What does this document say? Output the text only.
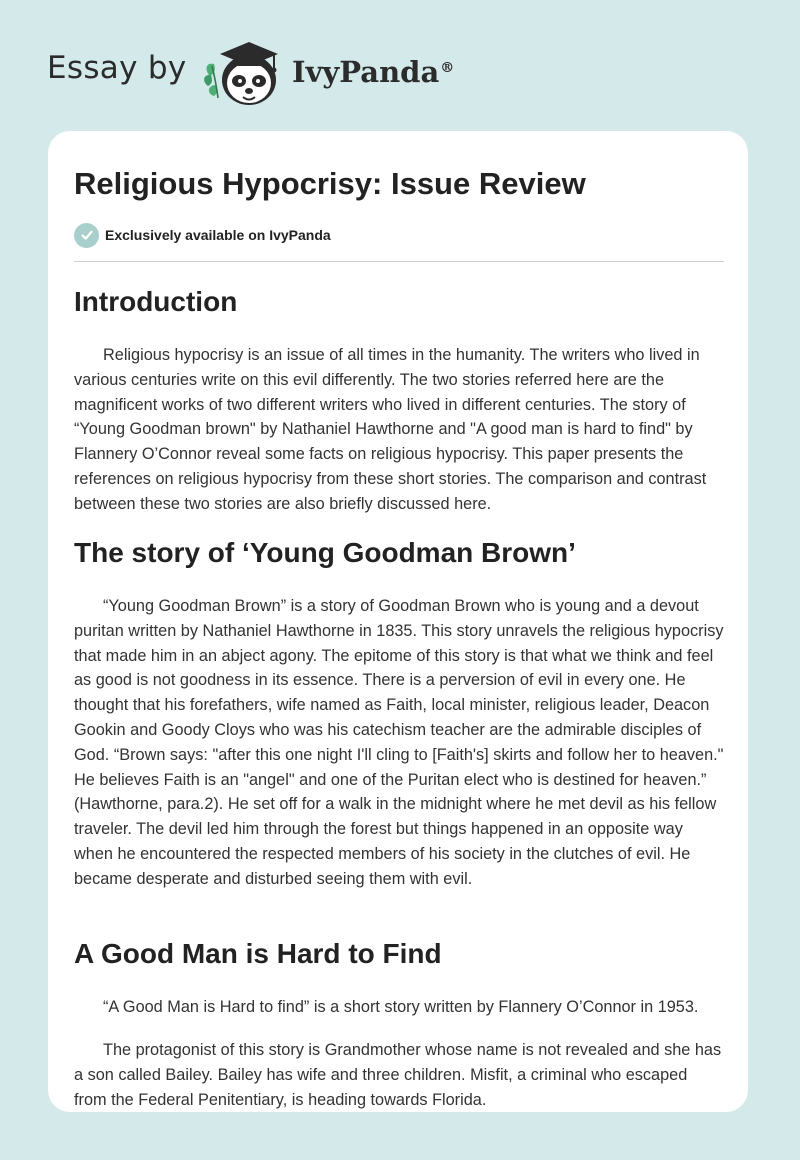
Essay by	IvyPanda®
Religious Hypocrisy: Issue Review
Exclusively available on IvyPanda
Introduction

Religious hypocrisy is an issue of all times in the humanity. The writers who lived in various centuries write on this evil differently. The two stories referred here are the magnificent works of two different writers who lived in different centuries. The story of “Young Goodman brown" by Nathaniel Hawthorne and "A good man is hard to find" by Flannery O’Connor reveal some facts on religious hypocrisy. This paper presents the references on religious hypocrisy from these short stories. The comparison and contrast between these two stories are also briefly discussed here.

The story of ‘Young Goodman Brown’

“Young Goodman Brown” is a story of Goodman Brown who is young and a devout puritan written by Nathaniel Hawthorne in 1835. This story unravels the religious hypocrisy that made him in an abject agony. The epitome of this story is that what we think and feel as good is not goodness in its essence. There is a perversion of evil in every one. He thought that his forefathers, wife named as Faith, local minister, religious leader, Deacon Gookin and Goody Cloys who was his catechism teacher are the admirable disciples of God. “Brown says: "after this one night I'll cling to [Faith's] skirts and follow her to heaven." He believes Faith is an "angel" and one of the Puritan elect who is destined for heaven.” (Hawthorne, para.2). He set off for a walk in the midnight where he met devil as his fellow traveler. The devil led him through the forest but things happened in an opposite way when he encountered the respected members of his society in the clutches of evil. He became desperate and disturbed seeing them with evil.

A Good Man is Hard to Find

“A Good Man is Hard to find” is a short story written by Flannery O’Connor in 1953.

The protagonist of this story is Grandmother whose name is not revealed and she has a son called Bailey. Bailey has wife and three children. Misfit, a criminal who escaped from the Federal Penitentiary, is heading towards Florida.
